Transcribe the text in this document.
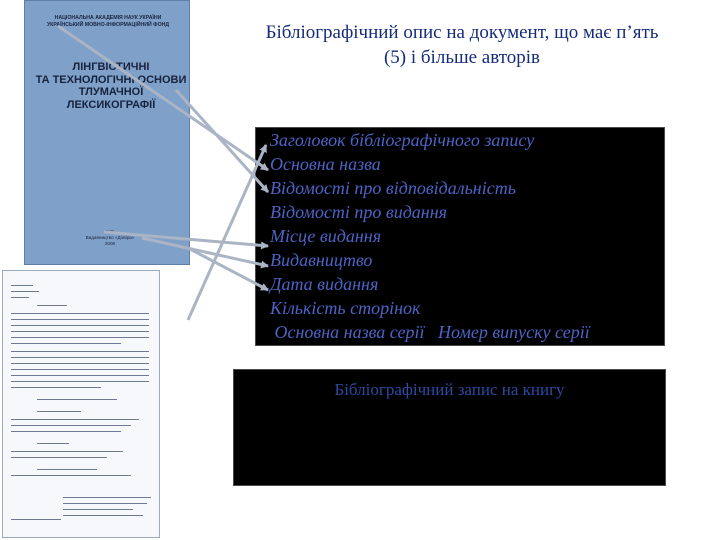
НАЦІОНАЛЬНА АКАДЕМІЯ НАУК УКРАЇНИ
УКРАЇНСЬКИЙ МОВНО-ІНФОРМАЦІЙНИЙ ФОНД
ЛІНГВІСТИЧНІ
ТА ТЕХНОЛОГІЧНІ ОСНОВИ
ТЛУМАЧНОЇ ЛЕКСИКОГРАФІЇ
Київ
Видавництво «Довіра»
2008
Бібліографічний опис на документ, що має п’ять
(5) і більше авторів
Заголовок бібліографічного запису
Основна назва
Відомості про відповідальність
Відомості про видання
Місце видання
Видавництво
Дата видання
Кількість сторінок
Основна назва серії   Номер випуску серії
Бібліографічний запис на книгу
